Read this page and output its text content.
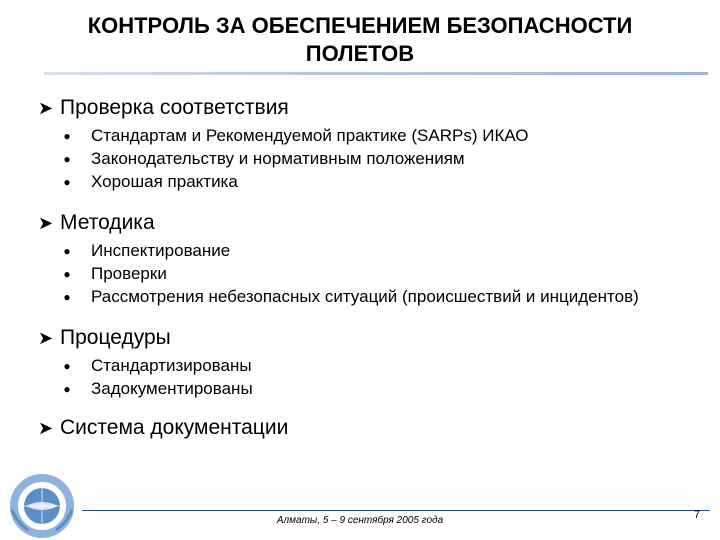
КОНТРОЛЬ ЗА ОБЕСПЕЧЕНИЕМ БЕЗОПАСНОСТИ
ПОЛЕТОВ
➤ Проверка соответствия
● Стандартам и Рекомендуемой практике (SARPs) ИКАО
● Законодательству и нормативным положениям
● Хорошая практика
➤ Методика
● Инспектирование
● Проверки
● Рассмотрения небезопасных ситуаций (происшествий и инцидентов)
➤ Процедуры
● Стандартизированы
● Задокументированы
➤ Система документации
Алматы, 5 – 9 сентября 2005 года	7
